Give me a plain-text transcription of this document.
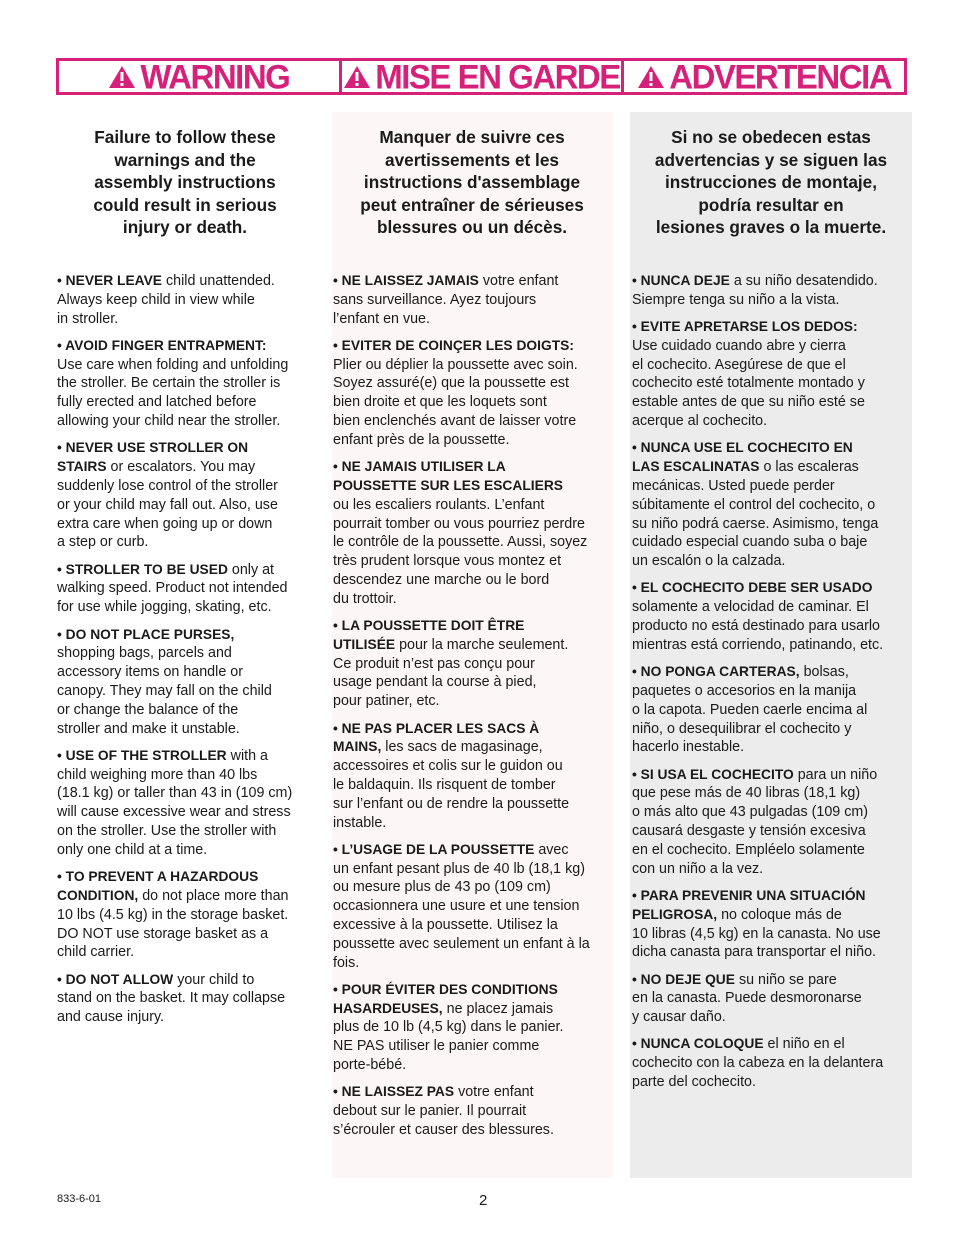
WARNING	MISE EN GARDE ADVERTENCIA
Failure to follow these
warnings and the
assembly instructions
could result in serious
injury or death.
• NEVER LEAVE child unattended.
Always keep child in view while
in stroller.
• AVOID FINGER ENTRAPMENT:
Use care when folding and unfolding
the stroller. Be certain the stroller is
fully erected and latched before
allowing your child near the stroller.
• NEVER USE STROLLER ON
STAIRS or escalators. You may
suddenly lose control of the stroller
or your child may fall out. Also, use
extra care when going up or down
a step or curb.
• STROLLER TO BE USED only at
walking speed. Product not intended
for use while jogging, skating, etc.
• DO NOT PLACE PURSES,
shopping bags, parcels and
accessory items on handle or
canopy. They may fall on the child
or change the balance of the
stroller and make it unstable.
• USE OF THE STROLLER with a
child weighing more than 40 lbs
(18.1 kg) or taller than 43 in (109 cm)
will cause excessive wear and stress
on the stroller. Use the stroller with
only one child at a time.
• TO PREVENT A HAZARDOUS
CONDITION, do not place more than
10 lbs (4.5 kg) in the storage basket.
DO NOT use storage basket as a
child carrier.
• DO NOT ALLOW your child to
stand on the basket. It may collapse
and cause injury.
Manquer de suivre ces
avertissements et les
instructions d'assemblage
peut entraîner de sérieuses
blessures ou un décès.
• NE LAISSEZ JAMAIS votre enfant
sans surveillance. Ayez toujours
l’enfant en vue.
• EVITER DE COINÇER LES DOIGTS:
Plier ou déplier la poussette avec soin.
Soyez assuré(e) que la poussette est
bien droite et que les loquets sont
bien enclenchés avant de laisser votre
enfant près de la poussette.
• NE JAMAIS UTILISER LA
POUSSETTE SUR LES ESCALIERS
ou les escaliers roulants. L’enfant
pourrait tomber ou vous pourriez perdre
le contrôle de la poussette. Aussi, soyez
très prudent lorsque vous montez et
descendez une marche ou le bord
du trottoir.
• LA POUSSETTE DOIT ÊTRE
UTILISÉE pour la marche seulement.
Ce produit n’est pas conçu pour
usage pendant la course à pied,
pour patiner, etc.
• NE PAS PLACER LES SACS À
MAINS, les sacs de magasinage,
accessoires et colis sur le guidon ou
le baldaquin. Ils risquent de tomber
sur l’enfant ou de rendre la poussette
instable.
• L’USAGE DE LA POUSSETTE avec
un enfant pesant plus de 40 lb (18,1 kg)
ou mesure plus de 43 po (109 cm)
occasionnera une usure et une tension
excessive à la poussette. Utilisez la
poussette avec seulement un enfant à la
fois.
• POUR ÉVITER DES CONDITIONS
HASARDEUSES, ne placez jamais
plus de 10 lb (4,5 kg) dans le panier.
NE PAS utiliser le panier comme
porte-bébé.
• NE LAISSEZ PAS votre enfant
debout sur le panier. Il pourrait
s’écrouler et causer des blessures.
Si no se obedecen estas
advertencias y se siguen las
instrucciones de montaje,
podría resultar en
lesiones graves o la muerte.
• NUNCA DEJE a su niño desatendido.
Siempre tenga su niño a la vista.
• EVITE APRETARSE LOS DEDOS:
Use cuidado cuando abre y cierra
el cochecito. Asegúrese de que el
cochecito esté totalmente montado y
estable antes de que su niño esté se
acerque al cochecito.
• NUNCA USE EL COCHECITO EN
LAS ESCALINATAS o las escaleras
mecánicas. Usted puede perder
súbitamente el control del cochecito, o
su niño podrá caerse. Asimismo, tenga
cuidado especial cuando suba o baje
un escalón o la calzada.
• EL COCHECITO DEBE SER USADO
solamente a velocidad de caminar. El
producto no está destinado para usarlo
mientras está corriendo, patinando, etc.
• NO PONGA CARTERAS, bolsas,
paquetes o accesorios en la manija
o la capota. Pueden caerle encima al
niño, o desequilibrar el cochecito y
hacerlo inestable.
• SI USA EL COCHECITO para un niño
que pese más de 40 libras (18,1 kg)
o más alto que 43 pulgadas (109 cm)
causará desgaste y tensión excesiva
en el cochecito. Empléelo solamente
con un niño a la vez.
• PARA PREVENIR UNA SITUACIÓN
PELIGROSA, no coloque más de
10 libras (4,5 kg) en la canasta. No use
dicha canasta para transportar el niño.
• NO DEJE QUE su niño se pare
en la canasta. Puede desmoronarse
y causar daño.
• NUNCA COLOQUE el niño en el
cochecito con la cabeza en la delantera
parte del cochecito.
833-6-01	2
